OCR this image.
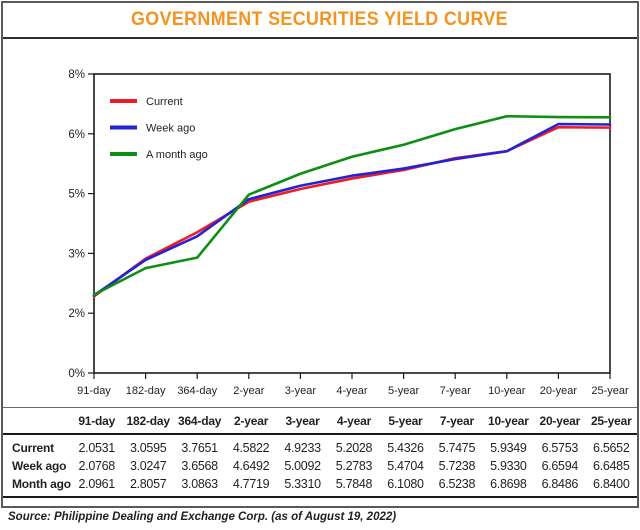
GOVERNMENT SECURITIES YIELD CURVE
8%
6%
5%
3%
2%
0%
91-day 182-day 364-day 2-year 3-year 4-year 5-year 7-year 10-year 20-year 25-year
Current
Week ago
A month ago
	91-day	182-day	364-day	2-year	3-year	4-year	5-year	7-year	10-year	20-year	25-year
Current	2.0531	3.0595	3.7651	4.5822	4.9233	5.2028	5.4326	5.7475	5.9349	6.5753	6.5652
Week ago	2.0768	3.0247	3.6568	4.6492	5.0092	5.2783	5.4704	5.7238	5.9330	6.6594	6.6485
Month ago	2.0961	2.8057	3.0863	4.7719	5.3310	5.7848	6.1080	6.5238	6.8698	6.8486	6.8400
Source: Philippine Dealing and Exchange Corp. (as of August 19, 2022)
